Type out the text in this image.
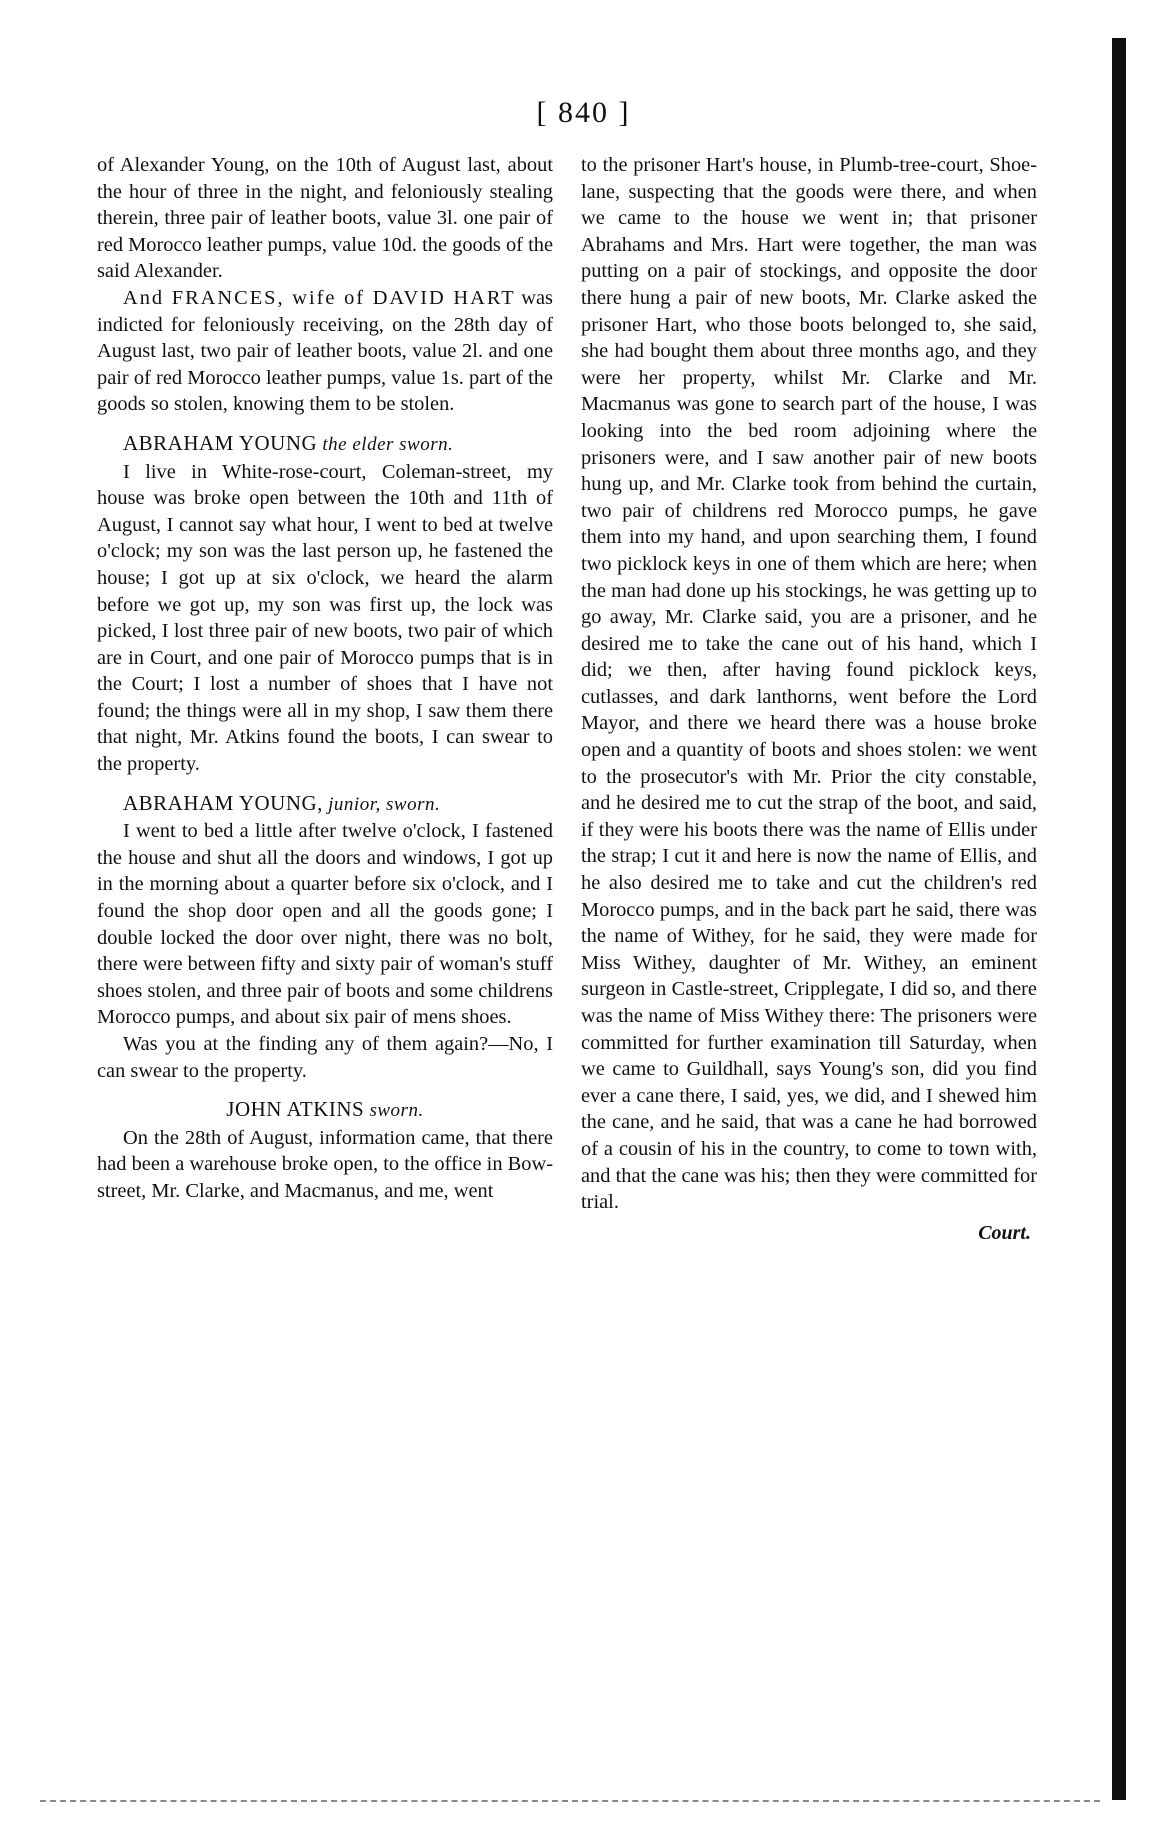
[ 840 ]

of Alexander Young, on the 10th of August last, about the hour of three in the night, and feloniously stealing therein, three pair of leather boots, value 3l. one pair of red Morocco leather pumps, value 10d. the goods of the said Alexander.

And FRANCES, wife of DAVID HART was indicted for feloniously receiving, on the 28th day of August last, two pair of leather boots, value 2l. and one pair of red Morocco leather pumps, value 1s. part of the goods so stolen, knowing them to be stolen.

ABRAHAM YOUNG the elder sworn.

I live in White-rose-court, Coleman-street, my house was broke open between the 10th and 11th of August, I cannot say what hour, I went to bed at twelve o'clock; my son was the last person up, he fastened the house; I got up at six o'clock, we heard the alarm before we got up, my son was first up, the lock was picked, I lost three pair of new boots, two pair of which are in Court, and one pair of Morocco pumps that is in the Court; I lost a number of shoes that I have not found; the things were all in my shop, I saw them there that night, Mr. Atkins found the boots, I can swear to the property.

ABRAHAM YOUNG, junior, sworn.

I went to bed a little after twelve o'clock, I fastened the house and shut all the doors and windows, I got up in the morning about a quarter before six o'clock, and I found the shop door open and all the goods gone; I double locked the door over night, there was no bolt, there were between fifty and sixty pair of woman's stuff shoes stolen, and three pair of boots and some childrens Morocco pumps, and about six pair of mens shoes.

Was you at the finding any of them again?—No, I can swear to the property.

JOHN ATKINS sworn.

On the 28th of August, information came, that there had been a warehouse broke open, to the office in Bow-street, Mr. Clarke, and Macmanus, and me, went

to the prisoner Hart's house, in Plumb-tree-court, Shoe-lane, suspecting that the goods were there, and when we came to the house we went in; that prisoner Abrahams and Mrs. Hart were together, the man was putting on a pair of stockings, and opposite the door there hung a pair of new boots, Mr. Clarke asked the prisoner Hart, who those boots belonged to, she said, she had bought them about three months ago, and they were her property, whilst Mr. Clarke and Mr. Macmanus was gone to search part of the house, I was looking into the bed room adjoining where the prisoners were, and I saw another pair of new boots hung up, and Mr. Clarke took from behind the curtain, two pair of childrens red Morocco pumps, he gave them into my hand, and upon searching them, I found two picklock keys in one of them which are here; when the man had done up his stockings, he was getting up to go away, Mr. Clarke said, you are a prisoner, and he desired me to take the cane out of his hand, which I did; we then, after having found picklock keys, cutlasses, and dark lanthorns, went before the Lord Mayor, and there we heard there was a house broke open and a quantity of boots and shoes stolen: we went to the prosecutor's with Mr. Prior the city constable, and he desired me to cut the strap of the boot, and said, if they were his boots there was the name of Ellis under the strap; I cut it and here is now the name of Ellis, and he also desired me to take and cut the children's red Morocco pumps, and in the back part he said, there was the name of Withey, for he said, they were made for Miss Withey, daughter of Mr. Withey, an eminent surgeon in Castle-street, Cripplegate, I did so, and there was the name of Miss Withey there: The prisoners were committed for further examination till Saturday, when we came to Guildhall, says Young's son, did you find ever a cane there, I said, yes, we did, and I shewed him the cane, and he said, that was a cane he had borrowed of a cousin of his in the country, to come to town with, and that the cane was his; then they were committed for trial.

Court.
